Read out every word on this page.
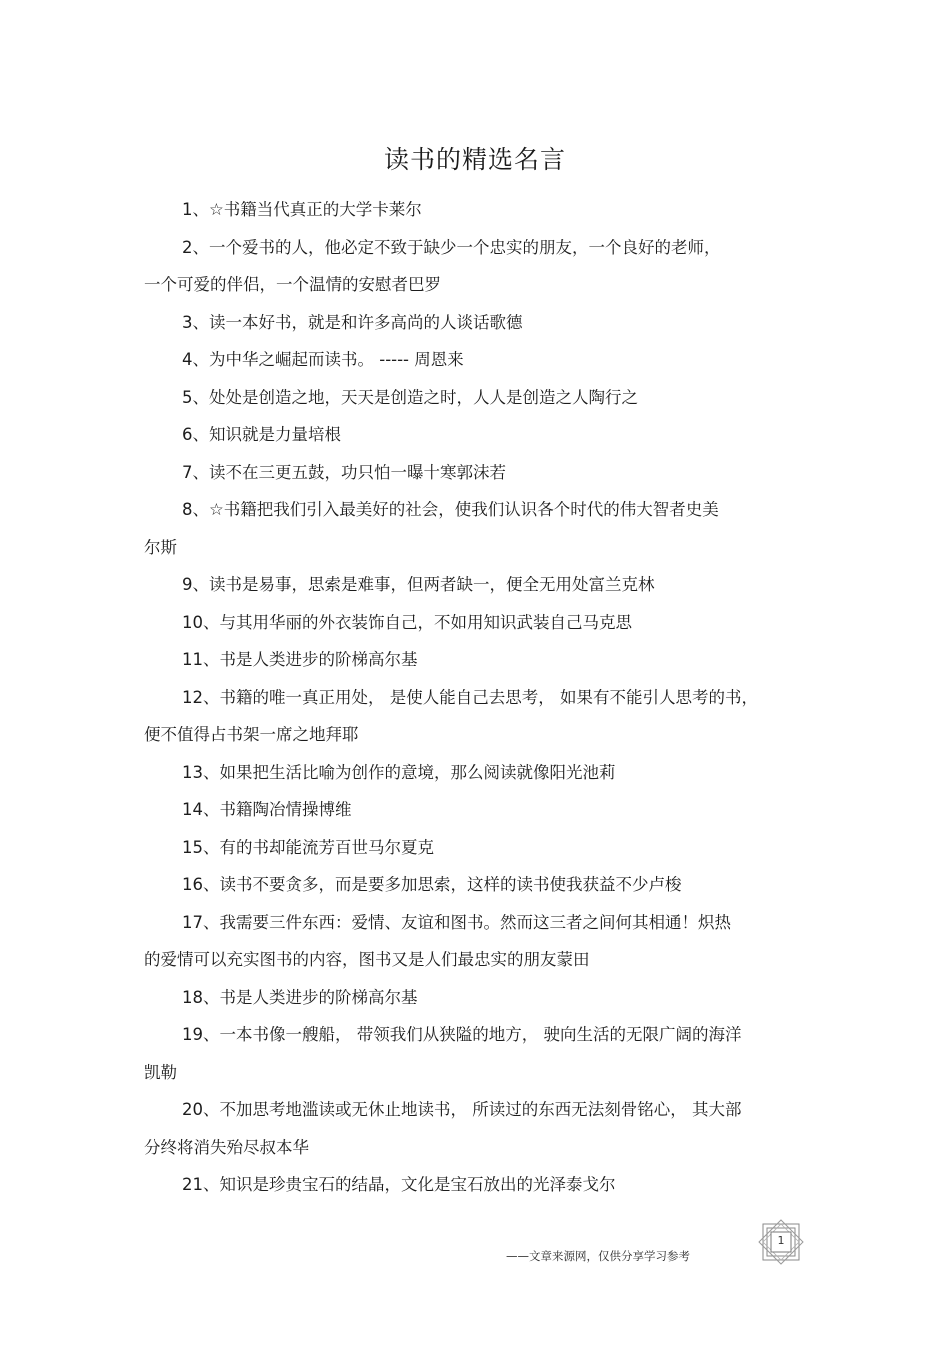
读书的精选名言
1、☆书籍当代真正的大学卡莱尔
2、一个爱书的人，他必定不致于缺少一个忠实的朋友，一个良好的老师，
一个可爱的伴侣，一个温情的安慰者巴罗
3、读一本好书，就是和许多高尚的人谈话歌德
4、为中华之崛起而读书。 ----- 周恩来
5、处处是创造之地，天天是创造之时，人人是创造之人陶行之
6、知识就是力量培根
7、读不在三更五鼓，功只怕一曝十寒郭沫若
8、☆书籍把我们引入最美好的社会，使我们认识各个时代的伟大智者史美
尔斯
9、读书是易事，思索是难事，但两者缺一，便全无用处富兰克林
10、与其用华丽的外衣装饰自己，不如用知识武装自己马克思
11、书是人类进步的阶梯高尔基
12、书籍的唯一真正用处， 是使人能自己去思考， 如果有不能引人思考的书，
便不值得占书架一席之地拜耶
13、如果把生活比喻为创作的意境，那么阅读就像阳光池莉
14、书籍陶冶情操博维
15、有的书却能流芳百世马尔夏克
16、读书不要贪多，而是要多加思索，这样的读书使我获益不少卢梭
17、我需要三件东西：爱情、友谊和图书。然而这三者之间何其相通！炽热
的爱情可以充实图书的内容，图书又是人们最忠实的朋友蒙田
18、书是人类进步的阶梯高尔基
19、一本书像一艘船， 带领我们从狭隘的地方， 驶向生活的无限广阔的海洋
凯勒
20、不加思考地滥读或无休止地读书， 所读过的东西无法刻骨铭心， 其大部
分终将消失殆尽叔本华
21、知识是珍贵宝石的结晶，文化是宝石放出的光泽泰戈尔
——文章来源网，仅供分享学习参考
1
